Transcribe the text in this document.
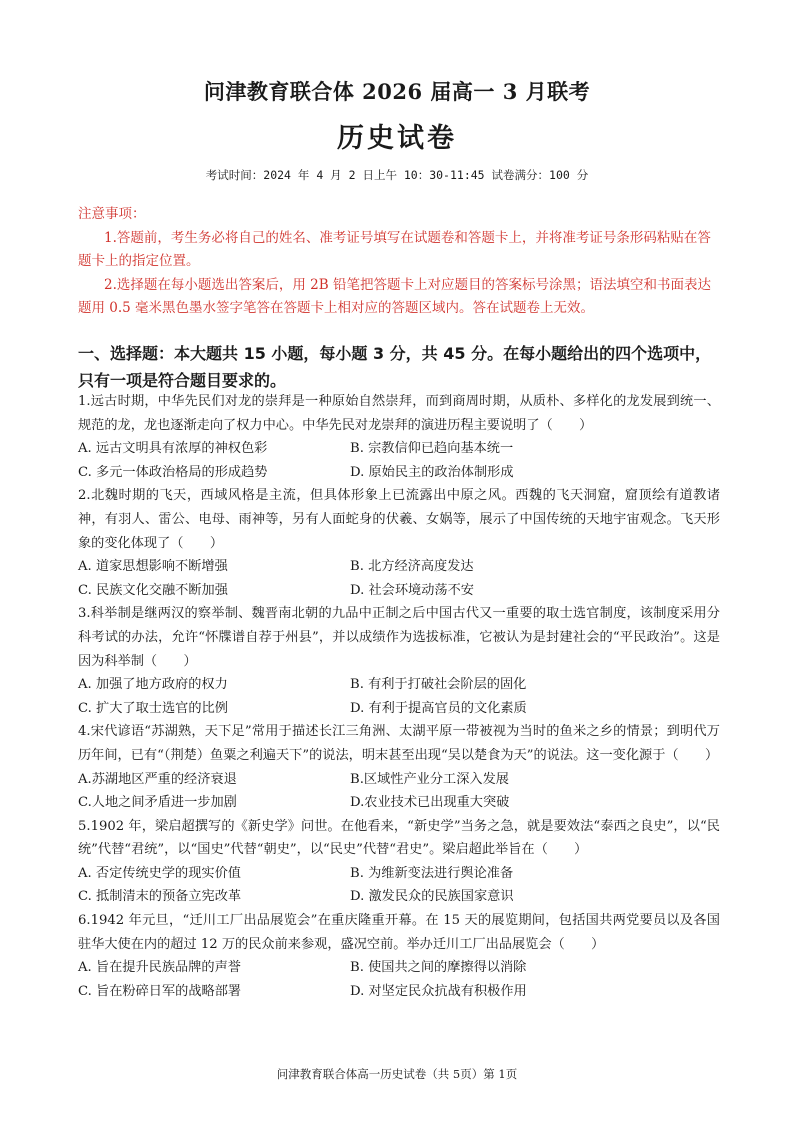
问津教育联合体 2026 届高一 3 月联考
历史试卷
考试时间：2024 年 4 月 2 日上午 10：30-11:45 试卷满分：100 分
注意事项：
1.答题前，考生务必将自己的姓名、准考证号填写在试题卷和答题卡上，并将准考证号条形码粘贴在答题卡上的指定位置。
2.选择题在每小题选出答案后，用 2B 铅笔把答题卡上对应题目的答案标号涂黑；语法填空和书面表达题用 0.5 毫米黑色墨水签字笔答在答题卡上相对应的答题区域内。答在试题卷上无效。
一、选择题：本大题共 15 小题，每小题 3 分，共 45 分。在每小题给出的四个选项中，只有一项是符合题目要求的。

1.远古时期，中华先民们对龙的崇拜是一种原始自然崇拜，而到商周时期，从质朴、多样化的龙发展到统一、规范的龙，龙也逐渐走向了权力中心。中华先民对龙崇拜的演进历程主要说明了（　　）

A. 远古文明具有浓厚的神权色彩	B. 宗教信仰已趋向基本统一
C. 多元一体政治格局的形成趋势	D. 原始民主的政治体制形成

2.北魏时期的飞天，西域风格是主流，但具体形象上已流露出中原之风。西魏的飞天洞窟，窟顶绘有道教诸神，有羽人、雷公、电母、雨神等，另有人面蛇身的伏羲、女娲等，展示了中国传统的天地宇宙观念。飞天形象的变化体现了（　　）

A. 道家思想影响不断增强	B. 北方经济高度发达
C. 民族文化交融不断加强	D. 社会环境动荡不安

3.科举制是继两汉的察举制、魏晋南北朝的九品中正制之后中国古代又一重要的取士选官制度，该制度采用分科考试的办法，允许“怀牒谱自荐于州县”，并以成绩作为选拔标准，它被认为是封建社会的“平民政治”。这是因为科举制（　　）

A. 加强了地方政府的权力	B. 有利于打破社会阶层的固化
C. 扩大了取士选官的比例	D. 有利于提高官员的文化素质

4.宋代谚语“苏湖熟，天下足”常用于描述长江三角洲、太湖平原一带被视为当时的鱼米之乡的情景；到明代万历年间，已有“（荆楚）鱼粟之利遍天下”的说法，明末甚至出现“吴以楚食为天”的说法。这一变化源于（　　）

A.苏湖地区严重的经济衰退	B.区域性产业分工深入发展
C.人地之间矛盾进一步加剧	D.农业技术已出现重大突破

5.1902 年，梁启超撰写的《新史学》问世。在他看来，“新史学”当务之急，就是要效法“泰西之良史”，以“民统”代替“君统”，以“国史”代替“朝史”，以“民史”代替“君史”。梁启超此举旨在（　　）

A. 否定传统史学的现实价值	B. 为维新变法进行舆论准备
C. 抵制清末的预备立宪改革	D. 激发民众的民族国家意识

6.1942 年元旦，“迁川工厂出品展览会”在重庆隆重开幕。在 15 天的展览期间，包括国共两党要员以及各国驻华大使在内的超过 12 万的民众前来参观，盛况空前。举办迁川工厂出品展览会（　　）

A. 旨在提升民族品牌的声誉	B. 使国共之间的摩擦得以消除
C. 旨在粉碎日军的战略部署	D. 对坚定民众抗战有积极作用
问津教育联合体高一历史试卷（共 5页）第 1页
